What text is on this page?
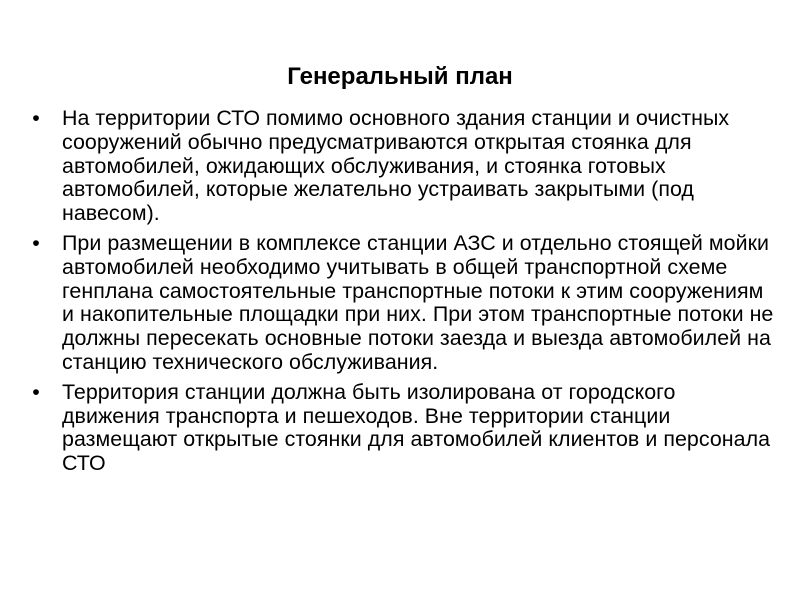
Генеральный план
• На территории СТО помимо основного здания станции и очистных сооружений обычно предусматриваются открытая стоянка для автомобилей, ожидающих обслуживания, и стоянка готовых автомобилей, которые желательно устраивать закрытыми (под навесом).
• При размещении в комплексе станции АЗС и отдельно стоящей мойки автомобилей необходимо учитывать в общей транспортной схеме генплана самостоятельные транспортные потоки к этим сооружениям и накопительные площадки при них. При этом транспортные потоки не должны пересекать основные потоки заезда и выезда автомобилей на станцию технического обслуживания.
• Территория станции должна быть изолирована от городского движения транспорта и пешеходов. Вне территории станции размещают открытые стоянки для автомобилей клиентов и персонала СТО
